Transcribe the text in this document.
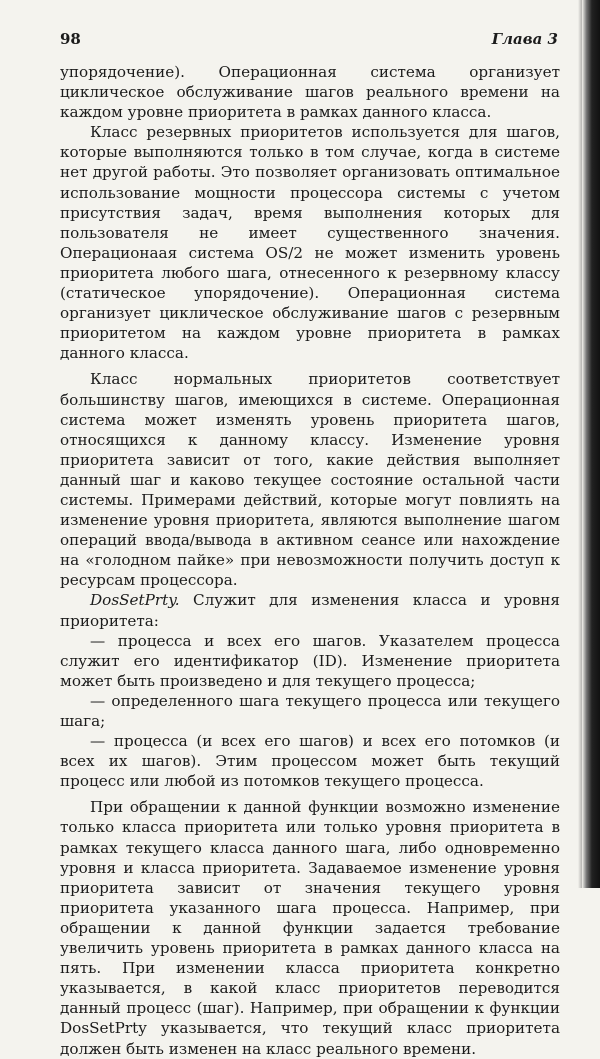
98	Глава 3

упорядочение). Операционная система организует циклическое обслуживание шагов реального времени на каждом уровне приоритета в рамках данного класса.

Класс резервных приоритетов используется для шагов, которые выполняются только в том случае, когда в системе нет другой работы. Это позволяет организовать оптимальное использование мощности процессора системы с учетом присутствия задач, время выполнения которых для пользователя не имеет существенного значения. Операционаая система OS/2 не может изменить уровень приоритета любого шага, отнесенного к резервному классу (статическое упорядочение). Операционная система организует циклическое обслуживание шагов с резервным приоритетом на каждом уровне приоритета в рамках данного класса.

Класс нормальных приоритетов соответствует большинству шагов, имеющихся в системе. Операционная система может изменять уровень приоритета шагов, относящихся к данному классу. Изменение уровня приоритета зависит от того, какие действия выполняет данный шаг и каково текущее состояние остальной части системы. Примерами действий, которые могут повлиять на изменение уровня приоритета, являются выполнение шагом операций ввода/вывода в активном сеансе или нахождение на «голодном пайке» при невозможности получить доступ к ресурсам процессора.

DosSetPrty. Служит для изменения класса и уровня приоритета:

— процесса и всех его шагов. Указателем процесса служит его идентификатор (ID). Изменение приоритета может быть произведено и для текущего процесса;

— определенного шага текущего процесса или текущего шага;

— процесса (и всех его шагов) и всех его потомков (и всех их шагов). Этим процессом может быть текущий процесс или любой из потомков текущего процесса.

При обращении к данной функции возможно изменение только класса приоритета или только уровня приоритета в рамках текущего класса данного шага, либо одновременно уровня и класса приоритета. Задаваемое изменение уровня приоритета зависит от значения текущего уровня приоритета указанного шага процесса. Например, при обращении к данной функции задается требование увеличить уровень приоритета в рамках данного класса на пять. При изменении класса приоритета конкретно указывается, в какой класс приоритетов переводится данный процесс (шаг). Например, при обращении к функции DosSetPrty указывается, что текущий класс приоритета должен быть изменен на класс реального времени.
